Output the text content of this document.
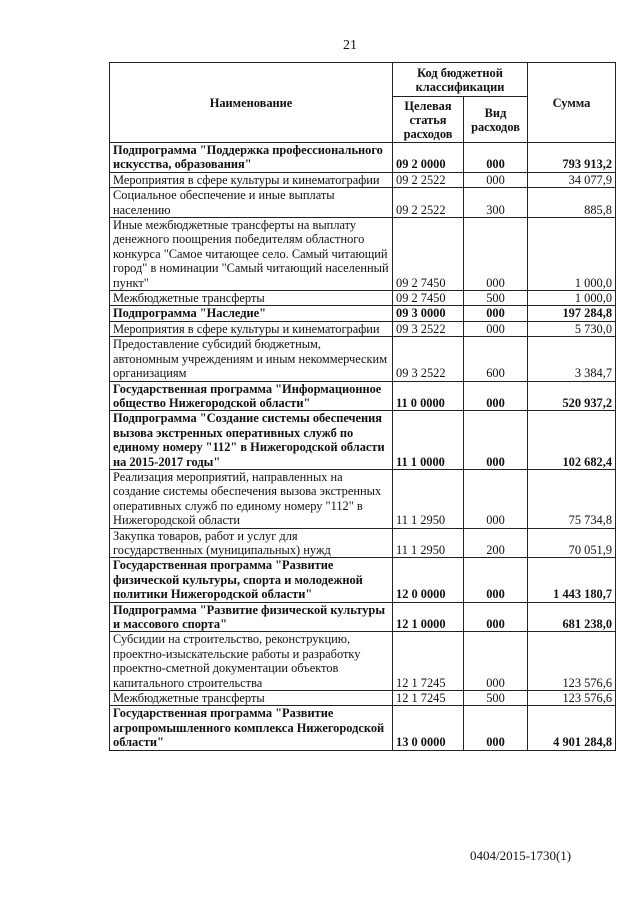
21
Наименование	Код бюджетной классификации		Сумма
	Целевая статья расходов	Вид расходов	
Подпрограмма "Поддержка профессионального искусства, образования"	09 2 0000	000	793 913,2
Мероприятия в сфере культуры и кинематографии	09 2 2522	000	34 077,9
Социальное обеспечение и иные выплаты населению	09 2 2522	300	885,8
Иные межбюджетные трансферты на выплату денежного поощрения победителям областного конкурса "Самое читающее село. Самый читающий город" в номинации "Самый читающий населенный пункт"	09 2 7450	000	1 000,0
Межбюджетные трансферты	09 2 7450	500	1 000,0
Подпрограмма "Наследие"	09 3 0000	000	197 284,8
Мероприятия в сфере культуры и кинематографии	09 3 2522	000	5 730,0
Предоставление субсидий бюджетным, автономным учреждениям и иным некоммерческим организациям	09 3 2522	600	3 384,7
Государственная программа "Информационное общество Нижегородской области"	11 0 0000	000	520 937,2
Подпрограмма "Создание системы обеспечения вызова экстренных оперативных служб по единому номеру "112" в Нижегородской области на 2015-2017 годы"	11 1 0000	000	102 682,4
Реализация мероприятий, направленных на создание системы обеспечения вызова экстренных оперативных служб по единому номеру "112" в Нижегородской области	11 1 2950	000	75 734,8
Закупка товаров, работ и услуг для государственных (муниципальных) нужд	11 1 2950	200	70 051,9
Государственная программа "Развитие физической культуры, спорта и молодежной политики Нижегородской области"	12 0 0000	000	1 443 180,7
Подпрограмма "Развитие физической культуры и массового спорта"	12 1 0000	000	681 238,0
Субсидии на строительство, реконструкцию, проектно-изыскательские работы и разработку проектно-сметной документации объектов капитального строительства	12 1 7245	000	123 576,6
Межбюджетные трансферты	12 1 7245	500	123 576,6
Государственная программа "Развитие агропромышленного комплекса Нижегородской области"	13 0 0000	000	4 901 284,8
0404/2015-1730(1)
